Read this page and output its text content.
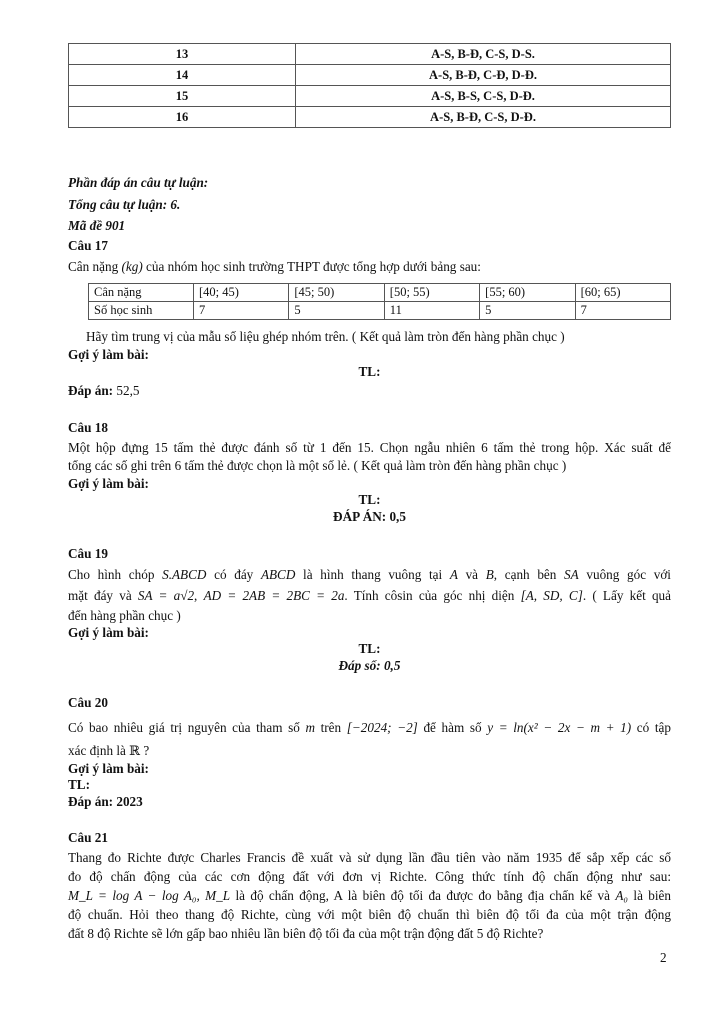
13	A-S, B-Đ, C-S, D-S.
14	A-S, B-Đ, C-Đ, D-Đ.
15	A-S, B-S, C-S, D-Đ.
16	A-S, B-Đ, C-S, D-Đ.
Phần đáp án câu tự luận:
Tổng câu tự luận: 6.
Mã đề 901
Câu 17
Cân nặng (kg) của nhóm học sinh trường THPT được tổng hợp dưới bảng sau:
Cân nặng	[40; 45)	[45; 50)	[50; 55)	[55; 60)	[60; 65)
Số học sinh	7	5	11	5	7
Hãy tìm trung vị của mẫu số liệu ghép nhóm trên. ( Kết quả làm tròn đến hàng phần chục )
Gợi ý làm bài:
TL:
Đáp án: 52,5
Câu 18
Một hộp đựng 15 tấm thẻ được đánh số từ 1 đến 15. Chọn ngẫu nhiên 6 tấm thẻ trong hộp. Xác suất để
tổng các số ghi trên 6 tấm thẻ được chọn là một số lẻ. ( Kết quả làm tròn đến hàng phần chục )
Gợi ý làm bài:
TL:
ĐÁP ÁN: 0,5
Câu 19
Cho hình chóp S.ABCD có đáy ABCD là hình thang vuông tại A và B, cạnh bên SA vuông góc với
mặt đáy và SA = a√2, AD = 2AB = 2BC = 2a. Tính côsin của góc nhị diện [A, SD, C]. ( Lấy kết quả
đến hàng phần chục )
Gợi ý làm bài:
TL:
Đáp số: 0,5
Câu 20
Có bao nhiêu giá trị nguyên của tham số m trên [−2024; −2] để hàm số y = ln(x² − 2x − m + 1) có tập
xác định là ℝ ?
Gợi ý làm bài:
TL:
Đáp án: 2023
Câu 21
Thang đo Richte được Charles Francis đề xuất và sử dụng lần đầu tiên vào năm 1935 để sắp xếp các số
đo độ chấn động của các cơn động đất với đơn vị Richte. Công thức tính độ chấn động như sau:
M_L = log A − log A₀, M_L là độ chấn động, A là biên độ tối đa được đo bằng địa chấn kế và A₀ là biên
độ chuẩn. Hỏi theo thang độ Richte, cùng với một biên độ chuẩn thì biên độ tối đa của một trận động
đất 8 độ Richte sẽ lớn gấp bao nhiêu lần biên độ tối đa của một trận động đất 5 độ Richte?
2
